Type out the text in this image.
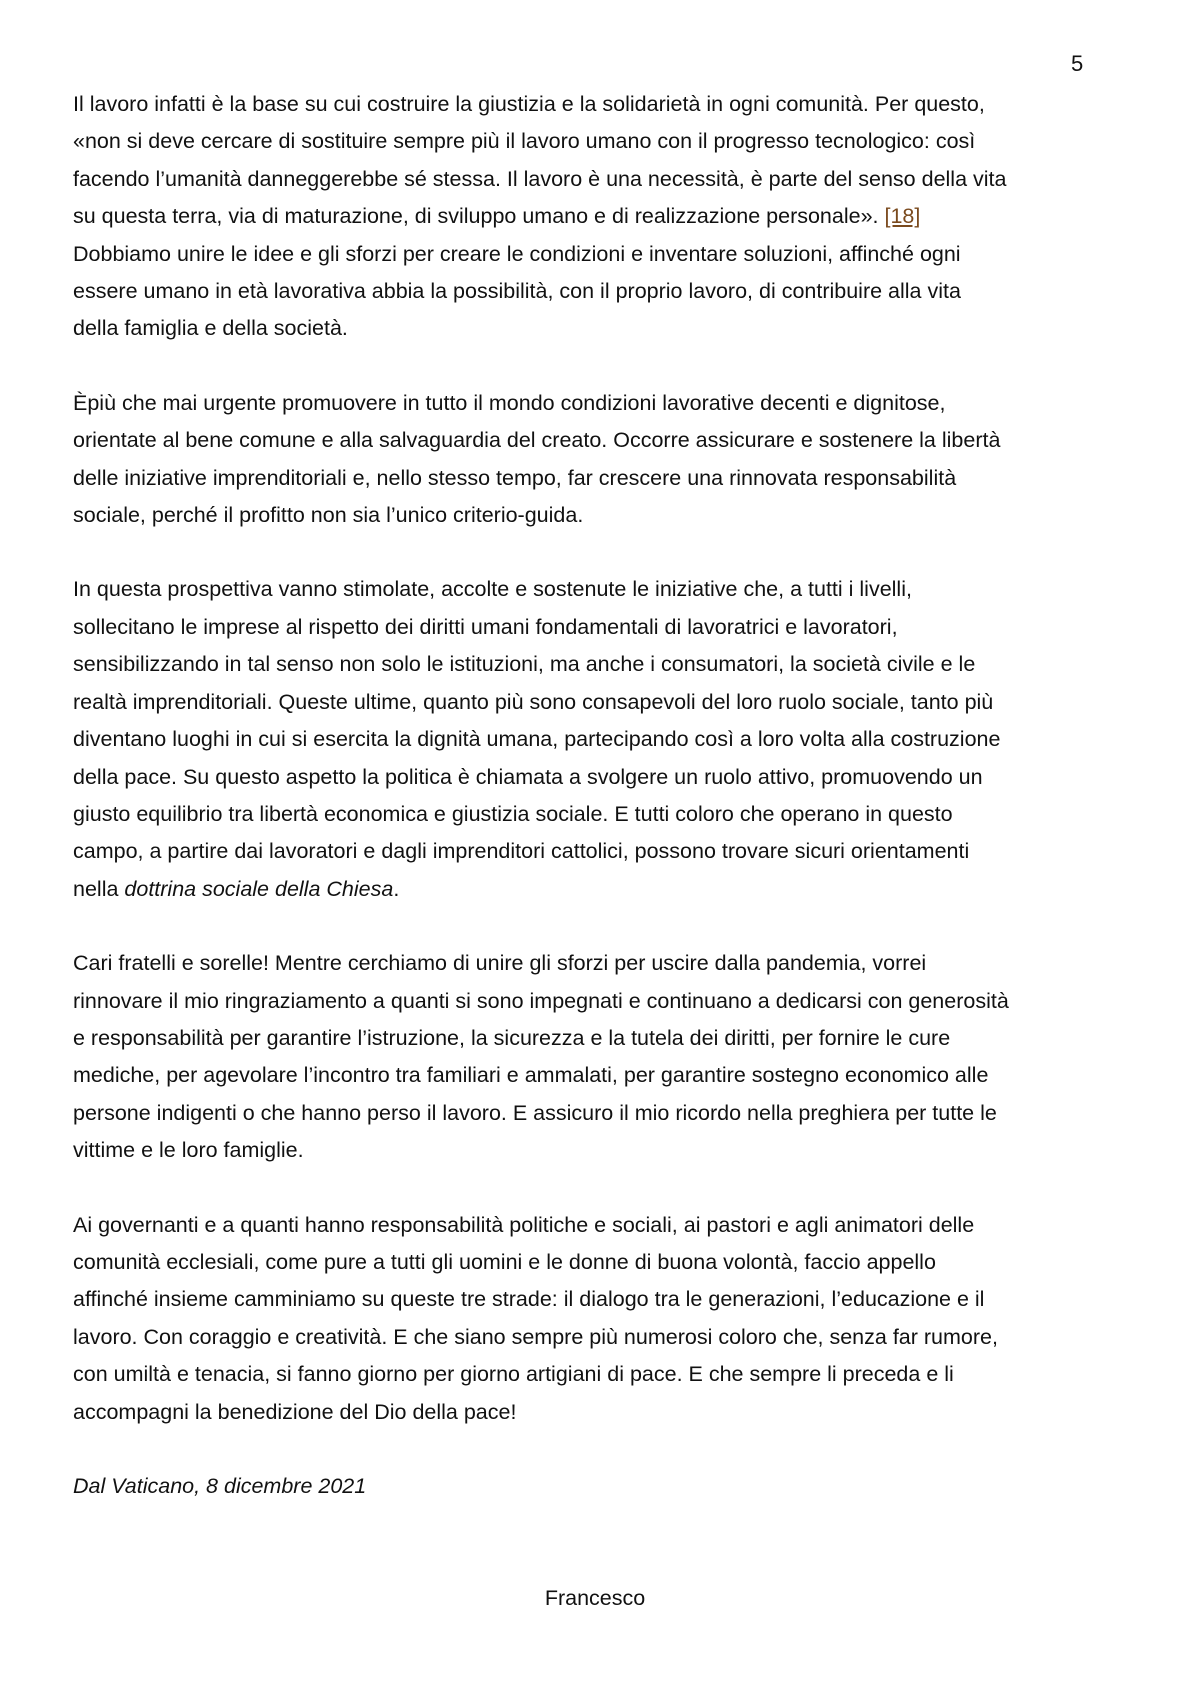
5

Il lavoro infatti è la base su cui costruire la giustizia e la solidarietà in ogni comunità. Per questo,
«non si deve cercare di sostituire sempre più il lavoro umano con il progresso tecnologico: così
facendo l’umanità danneggerebbe sé stessa. Il lavoro è una necessità, è parte del senso della vita
su questa terra, via di maturazione, di sviluppo umano e di realizzazione personale». [18]
Dobbiamo unire le idee e gli sforzi per creare le condizioni e inventare soluzioni, affinché ogni
essere umano in età lavorativa abbia la possibilità, con il proprio lavoro, di contribuire alla vita
della famiglia e della società.

Èpiù che mai urgente promuovere in tutto il mondo condizioni lavorative decenti e dignitose,
orientate al bene comune e alla salvaguardia del creato. Occorre assicurare e sostenere la libertà
delle iniziative imprenditoriali e, nello stesso tempo, far crescere una rinnovata responsabilità
sociale, perché il profitto non sia l’unico criterio-guida.

In questa prospettiva vanno stimolate, accolte e sostenute le iniziative che, a tutti i livelli,
sollecitano le imprese al rispetto dei diritti umani fondamentali di lavoratrici e lavoratori,
sensibilizzando in tal senso non solo le istituzioni, ma anche i consumatori, la società civile e le
realtà imprenditoriali. Queste ultime, quanto più sono consapevoli del loro ruolo sociale, tanto più
diventano luoghi in cui si esercita la dignità umana, partecipando così a loro volta alla costruzione
della pace. Su questo aspetto la politica è chiamata a svolgere un ruolo attivo, promuovendo un
giusto equilibrio tra libertà economica e giustizia sociale. E tutti coloro che operano in questo
campo, a partire dai lavoratori e dagli imprenditori cattolici, possono trovare sicuri orientamenti
nella dottrina sociale della Chiesa.

Cari fratelli e sorelle! Mentre cerchiamo di unire gli sforzi per uscire dalla pandemia, vorrei
rinnovare il mio ringraziamento a quanti si sono impegnati e continuano a dedicarsi con generosità
e responsabilità per garantire l’istruzione, la sicurezza e la tutela dei diritti, per fornire le cure
mediche, per agevolare l’incontro tra familiari e ammalati, per garantire sostegno economico alle
persone indigenti o che hanno perso il lavoro. E assicuro il mio ricordo nella preghiera per tutte le
vittime e le loro famiglie.

Ai governanti e a quanti hanno responsabilità politiche e sociali, ai pastori e agli animatori delle
comunità ecclesiali, come pure a tutti gli uomini e le donne di buona volontà, faccio appello
affinché insieme camminiamo su queste tre strade: il dialogo tra le generazioni, l’educazione e il
lavoro. Con coraggio e creatività. E che siano sempre più numerosi coloro che, senza far rumore,
con umiltà e tenacia, si fanno giorno per giorno artigiani di pace. E che sempre li preceda e li
accompagni la benedizione del Dio della pace!

Dal Vaticano, 8 dicembre 2021
Francesco
